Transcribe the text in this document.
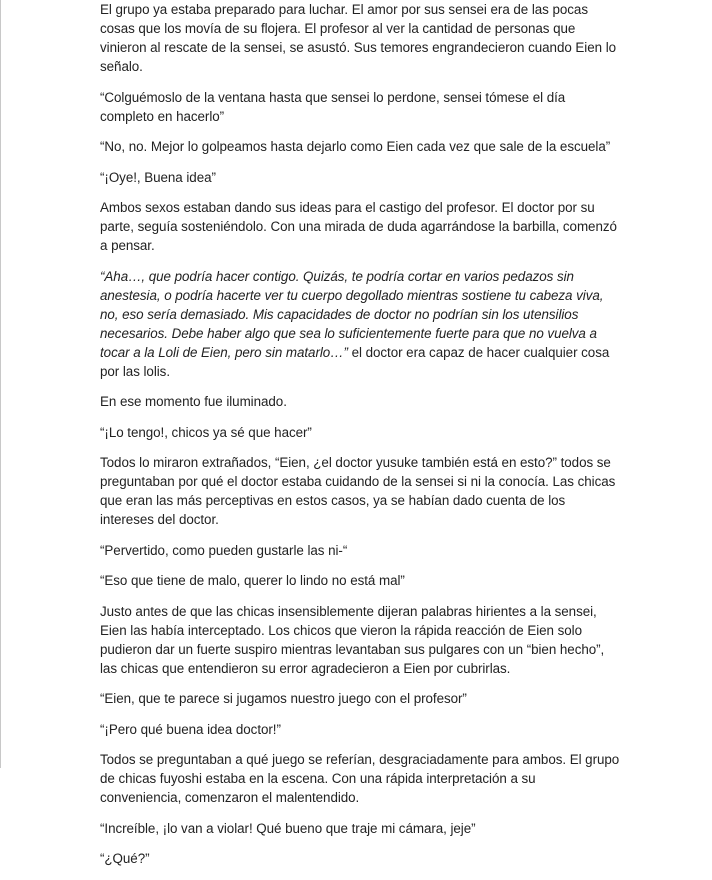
El grupo ya estaba preparado para luchar. El amor por sus sensei era de las pocas cosas que los movía de su flojera. El profesor al ver la cantidad de personas que vinieron al rescate de la sensei, se asustó. Sus temores engrandecieron cuando Eien lo señalo.

“Colguémoslo de la ventana hasta que sensei lo perdone, sensei tómese el día completo en hacerlo”

“No, no. Mejor lo golpeamos hasta dejarlo como Eien cada vez que sale de la escuela”

“¡Oye!, Buena idea”

Ambos sexos estaban dando sus ideas para el castigo del profesor. El doctor por su parte, seguía sosteniéndolo. Con una mirada de duda agarrándose la barbilla, comenzó a pensar.

“Aha…, que podría hacer contigo. Quizás, te podría cortar en varios pedazos sin anestesia, o podría hacerte ver tu cuerpo degollado mientras sostiene tu cabeza viva, no, eso sería demasiado. Mis capacidades de doctor no podrían sin los utensilios necesarios. Debe haber algo que sea lo suficientemente fuerte para que no vuelva a tocar a la Loli de Eien, pero sin matarlo…” el doctor era capaz de hacer cualquier cosa por las lolis.

En ese momento fue iluminado.

“¡Lo tengo!, chicos ya sé que hacer”

Todos lo miraron extrañados, “Eien, ¿el doctor yusuke también está en esto?” todos se preguntaban por qué el doctor estaba cuidando de la sensei si ni la conocía. Las chicas que eran las más perceptivas en estos casos, ya se habían dado cuenta de los intereses del doctor.

“Pervertido, como pueden gustarle las ni-“

“Eso que tiene de malo, querer lo lindo no está mal”

Justo antes de que las chicas insensiblemente dijeran palabras hirientes a la sensei, Eien las había interceptado. Los chicos que vieron la rápida reacción de Eien solo pudieron dar un fuerte suspiro mientras levantaban sus pulgares con un “bien hecho”, las chicas que entendieron su error agradecieron a Eien por cubrirlas.

“Eien, que te parece si jugamos nuestro juego con el profesor”

“¡Pero qué buena idea doctor!”

Todos se preguntaban a qué juego se referían, desgraciadamente para ambos. El grupo de chicas fuyoshi estaba en la escena. Con una rápida interpretación a su conveniencia, comenzaron el malentendido.

“Increíble, ¡lo van a violar! Qué bueno que traje mi cámara, jeje”

“¿Qué?”
